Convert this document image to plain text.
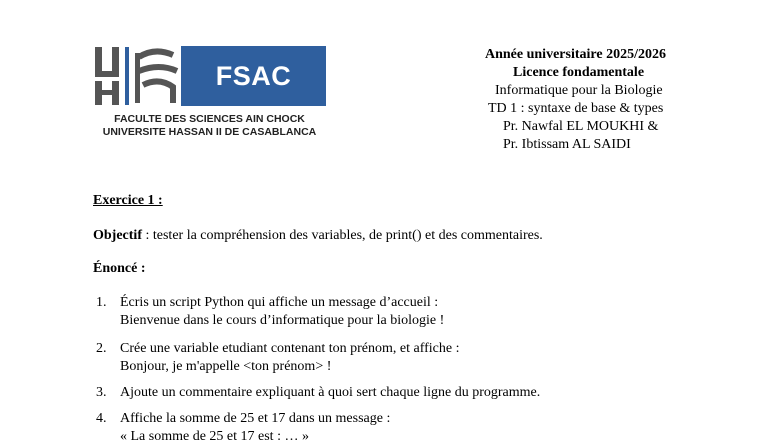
FSAC
FACULTE DES SCIENCES AIN CHOCK
UNIVERSITE HASSAN II DE CASABLANCA
Année universitaire 2025/2026
Licence fondamentale
Informatique pour la Biologie
TD 1 : syntaxe de base & types
Pr. Nawfal EL MOUKHI &
Pr. Ibtissam AL SAIDI
Exercice 1 :
Objectif : tester la compréhension des variables, de print() et des commentaires.
Énoncé :
1. Écris un script Python qui affiche un message d’accueil :
Bienvenue dans le cours d’informatique pour la biologie !
2. Crée une variable etudiant contenant ton prénom, et affiche :
Bonjour, je m'appelle <ton prénom> !
3. Ajoute un commentaire expliquant à quoi sert chaque ligne du programme.
4. Affiche la somme de 25 et 17 dans un message :
« La somme de 25 et 17 est : … »
